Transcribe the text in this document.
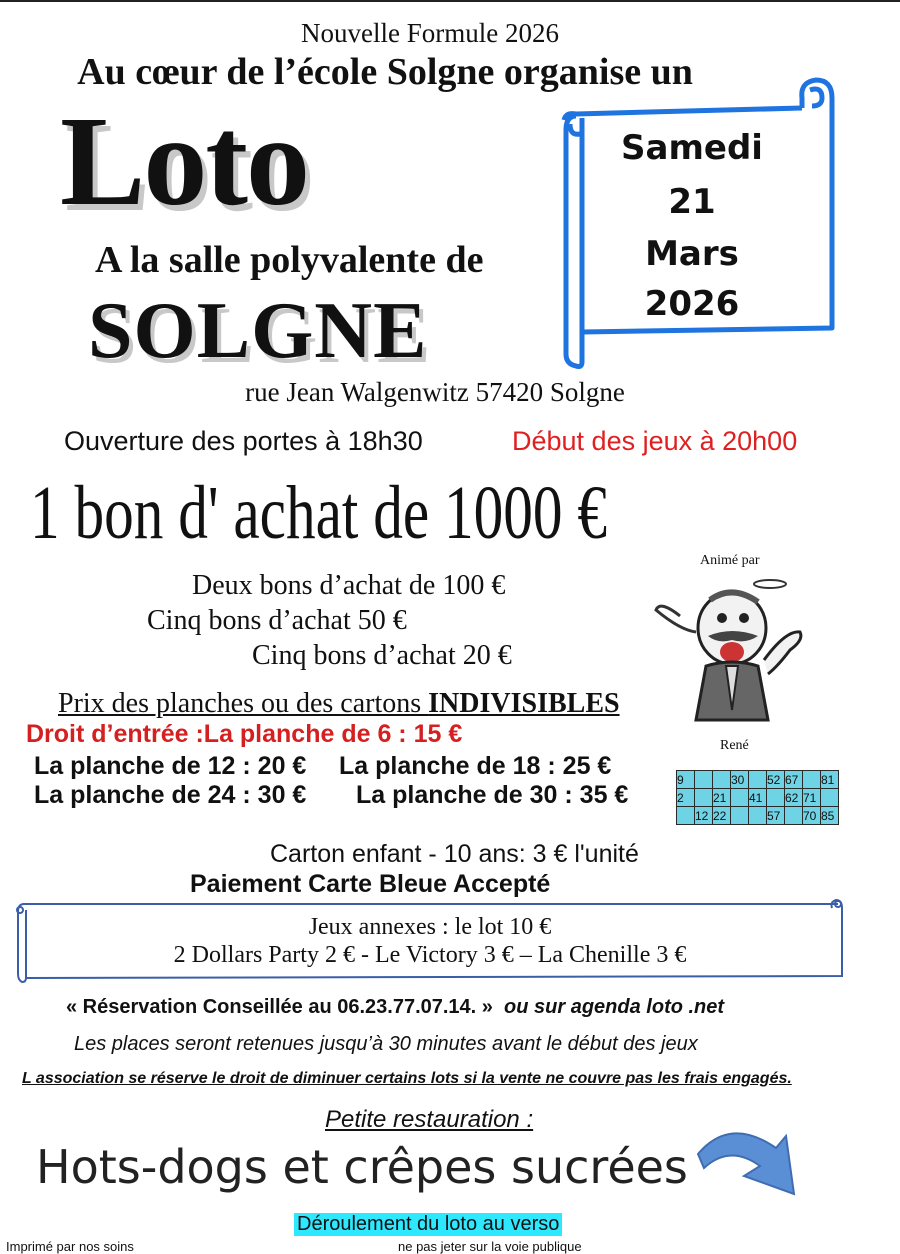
Nouvelle Formule 2026
Au cœur de l’école Solgne organise un
Loto
A la salle polyvalente de
SOLGNE
Samedi
21
Mars
2026
rue Jean Walgenwitz 57420 Solgne
Ouverture des portes à 18h30	Début des jeux à 20h00
1 bon d' achat de 1000 €
Deux bons d’achat de 100 €
Cinq bons d’achat 50 €
Cinq bons d’achat 20 €
Animé par
René
Prix des planches ou des cartons INDIVISIBLES
Droit d’entrée :La planche de 6 : 15 €
La planche de 12 : 20 € La planche de 18 : 25 €
La planche de 24 : 30 € La planche de 30 : 35 €
9			30		52	67		81
2		21		41		62	71	
	12	22			57		70	85
Carton enfant - 10 ans: 3 € l'unité
Paiement Carte Bleue Accepté
Jeux annexes : le lot 10 €
2 Dollars Party 2 € - Le Victory 3 € – La Chenille 3 €
« Réservation Conseillée au 06.23.77.07.14. » ou sur agenda loto .net
Les places seront retenues jusqu’à 30 minutes avant le début des jeux
L association se réserve le droit de diminuer certains lots si la vente ne couvre pas les frais engagés.
Petite restauration :
Hots-dogs et crêpes sucrées
Déroulement du loto au verso
Imprimé par nos soins	ne pas jeter sur la voie publique
